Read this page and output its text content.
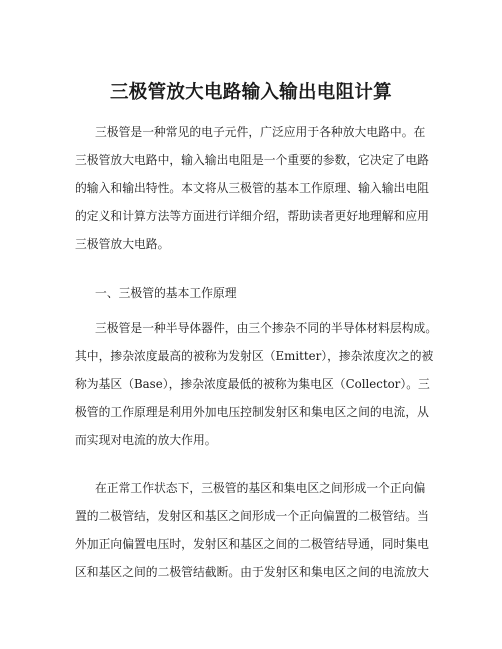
三极管放大电路输入输出电阻计算

三极管是一种常见的电子元件，广泛应用于各种放大电路中。在

三极管放大电路中，输入输出电阻是一个重要的参数，它决定了电路

的输入和输出特性。本文将从三极管的基本工作原理、输入输出电阻

的定义和计算方法等方面进行详细介绍，帮助读者更好地理解和应用

三极管放大电路。

一、三极管的基本工作原理

三极管是一种半导体器件，由三个掺杂不同的半导体材料层构成。

其中，掺杂浓度最高的被称为发射区（Emitter），掺杂浓度次之的被

称为基区（Base），掺杂浓度最低的被称为集电区（Collector）。三

极管的工作原理是利用外加电压控制发射区和集电区之间的电流，从

而实现对电流的放大作用。

在正常工作状态下，三极管的基区和集电区之间形成一个正向偏

置的二极管结，发射区和基区之间形成一个正向偏置的二极管结。当

外加正向偏置电压时，发射区和基区之间的二极管结导通，同时集电

区和基区之间的二极管结截断。由于发射区和集电区之间的电流放大
